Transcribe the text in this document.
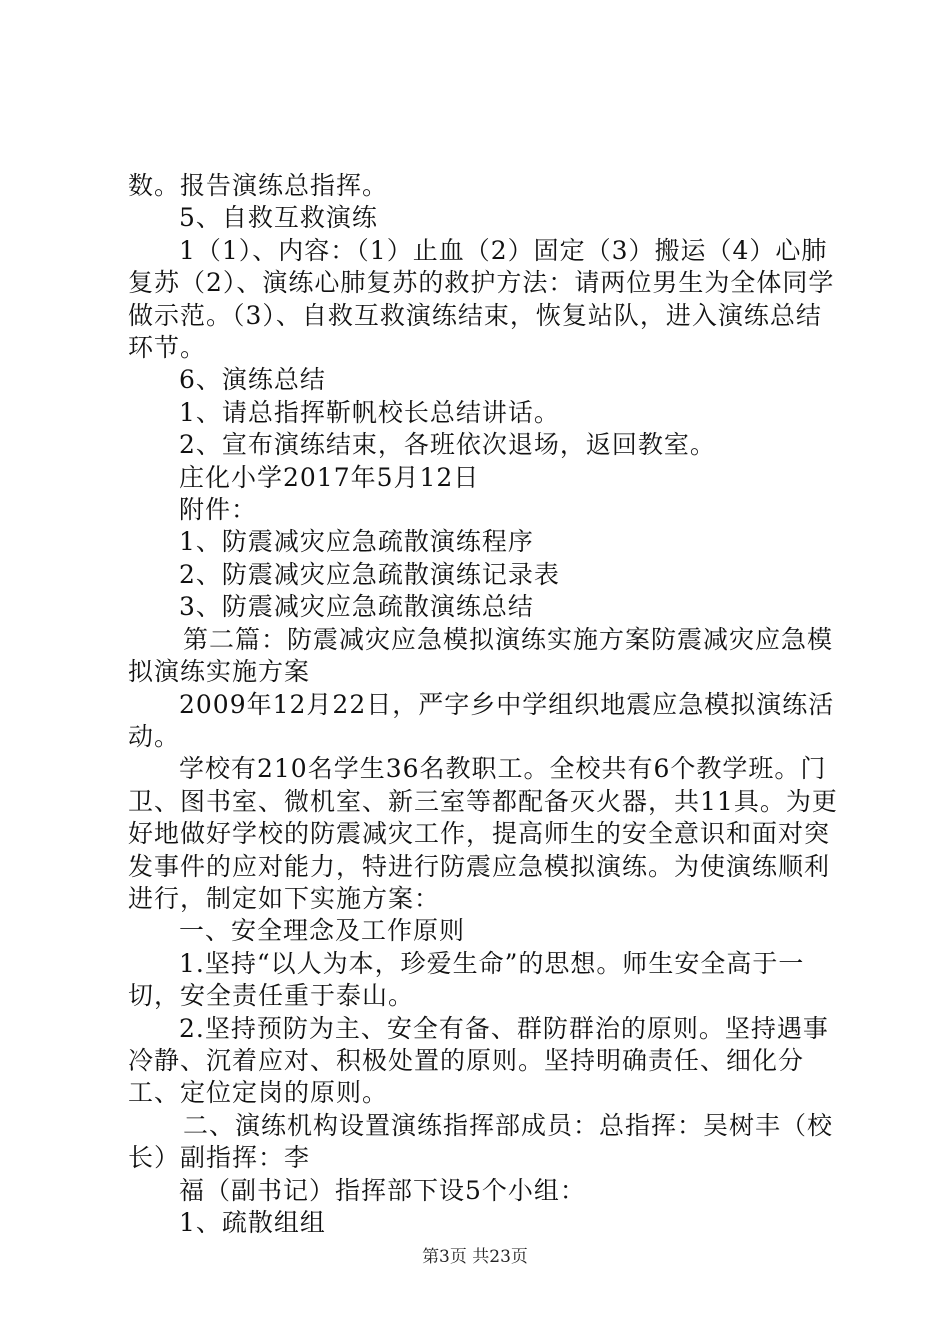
数。报告演练总指挥。

5、自救互救演练

1（1）、内容：（1）止血（2）固定（3）搬运（4）心肺复苏（2）、演练心肺复苏的救护方法：请两位男生为全体同学做示范。（3）、自救互救演练结束，恢复站队，进入演练总结环节。

6、演练总结

1、请总指挥靳帆校长总结讲话。

2、宣布演练结束，各班依次退场，返回教室。

庄化小学2017年5月12日

附件：

1、防震减灾应急疏散演练程序

2、防震减灾应急疏散演练记录表

3、防震减灾应急疏散演练总结

第二篇：防震减灾应急模拟演练实施方案防震减灾应急模拟演练实施方案

2009年12月22日，严字乡中学组织地震应急模拟演练活动。

学校有210名学生36名教职工。全校共有6个教学班。门卫、图书室、微机室、新三室等都配备灭火器，共11具。为更好地做好学校的防震减灾工作，提高师生的安全意识和面对突发事件的应对能力，特进行防震应急模拟演练。为使演练顺利进行，制定如下实施方案：

一、安全理念及工作原则

1.坚持“以人为本，珍爱生命”的思想。师生安全高于一切，安全责任重于泰山。

2.坚持预防为主、安全有备、群防群治的原则。坚持遇事冷静、沉着应对、积极处置的原则。坚持明确责任、细化分工、定位定岗的原则。

二、演练机构设置演练指挥部成员：总指挥：吴树丰（校长）副指挥：李

福（副书记）指挥部下设5个小组：

1、疏散组组

第3页 共23页
